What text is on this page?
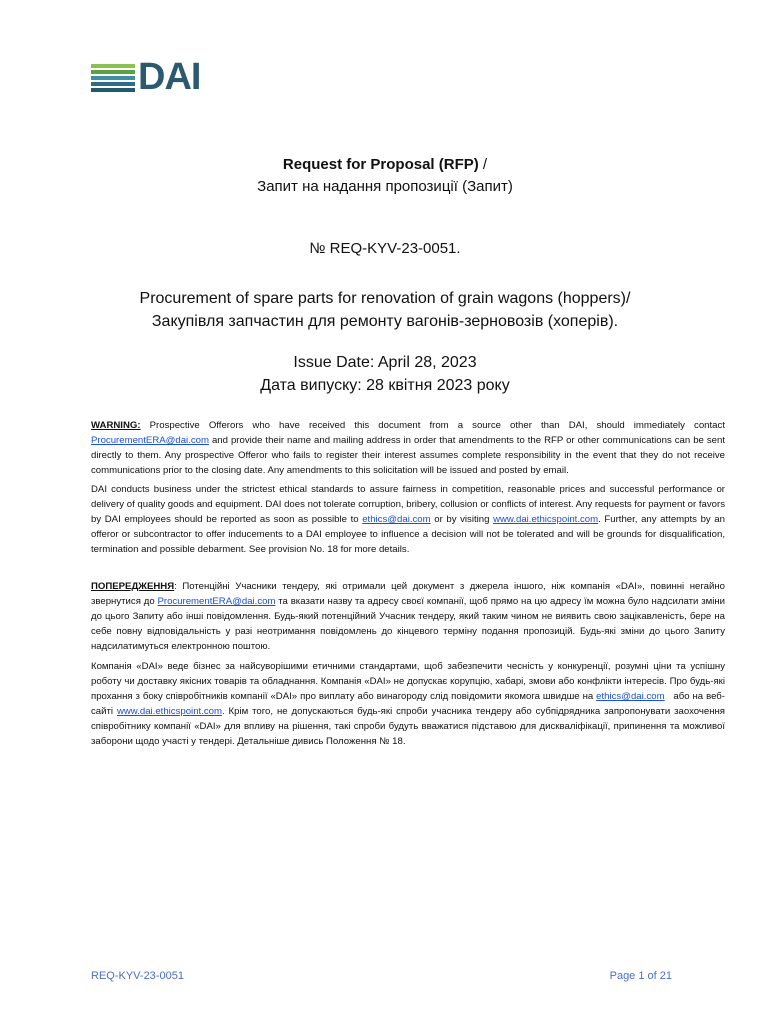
DAI
Request for Proposal (RFP) /
Запит на надання пропозиції (Запит)
№ REQ-KYV-23-0051.
Procurement of spare parts for renovation of grain wagons (hoppers)/
Закупівля запчастин для ремонту вагонів-зерновозів (хоперів).
Issue Date: April 28, 2023
Дата випуску: 28 квітня 2023 року
WARNING: Prospective Offerors who have received this document from a source other than DAI, should immediately contact ProcurementERA@dai.com and provide their name and mailing address in order that amendments to the RFP or other communications can be sent directly to them. Any prospective Offeror who fails to register their interest assumes complete responsibility in the event that they do not receive communications prior to the closing date. Any amendments to this solicitation will be issued and posted by email.
DAI conducts business under the strictest ethical standards to assure fairness in competition, reasonable prices and successful performance or delivery of quality goods and equipment. DAI does not tolerate corruption, bribery, collusion or conflicts of interest. Any requests for payment or favors by DAI employees should be reported as soon as possible to ethics@dai.com or by visiting www.dai.ethicspoint.com. Further, any attempts by an offeror or subcontractor to offer inducements to a DAI employee to influence a decision will not be tolerated and will be grounds for disqualification, termination and possible debarment. See provision No. 18 for more details.
ПОПЕРЕДЖЕННЯ: Потенційні Учасники тендеру, які отримали цей документ з джерела іншого, ніж компанія «DAI», повинні негайно звернутися до ProcurementERA@dai.com та вказати назву та адресу своєї компанії, щоб прямо на цю адресу їм можна було надсилати зміни до цього Запиту або інші повідомлення. Будь-який потенційний Учасник тендеру, який таким чином не виявить свою зацікавленість, бере на себе повну відповідальність у разі неотримання повідомлень до кінцевого терміну подання пропозицій. Будь-які зміни до цього Запиту надсилатимуться електронною поштою.
Компанія «DAI» веде бізнес за найсуворішими етичними стандартами, щоб забезпечити чесність у конкуренції, розумні ціни та успішну роботу чи доставку якісних товарів та обладнання. Компанія «DAI» не допускає корупцію, хабарі, змови або конфлікти інтересів. Про будь-які прохання з боку співробітників компанії «DAI» про виплату або винагороду слід повідомити якомога швидше на ethics@dai.com   або на веб-сайті www.dai.ethicspoint.com. Крім того, не допускаються будь-які спроби учасника тендеру або субпідрядника запропонувати заохочення співробітнику компанії «DAI» для впливу на рішення, такі спроби будуть вважатися підставою для дискваліфікації, припинення та можливої заборони щодо участі у тендері. Детальніше дивись Положення № 18.
REQ-KYV-23-0051	Page 1 of 21
